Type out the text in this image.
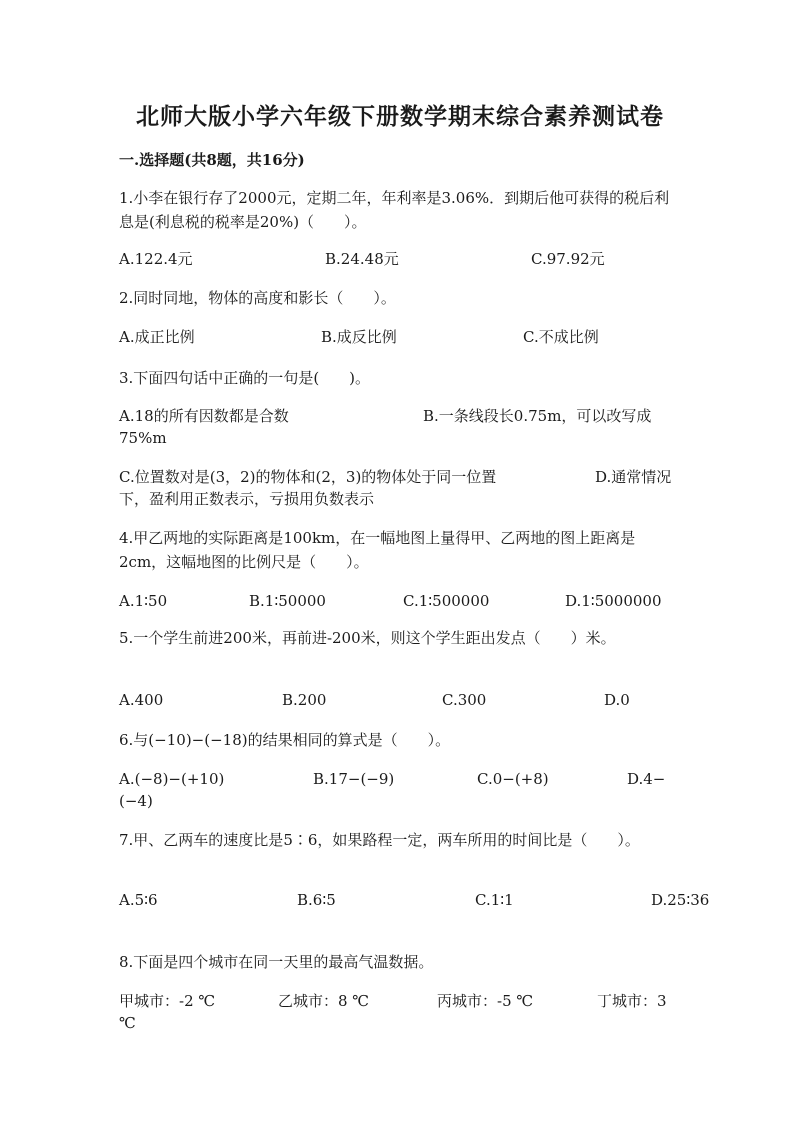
北师大版小学六年级下册数学期末综合素养测试卷
一.选择题(共8题，共16分)
1.小李在银行存了2000元，定期二年，年利率是3.06%．到期后他可获得的税后利息是(利息税的税率是20%)（　　）。
A.122.4元	B.24.48元	C.97.92元
2.同时同地，物体的高度和影长（　　）。
A.成正比例	B.成反比例	C.不成比例
3.下面四句话中正确的一句是(　　)。
A.18的所有因数都是合数	B.一条线段长0.75m，可以改写成75%m
C.位置数对是(3，2)的物体和(2，3)的物体处于同一位置	D.通常情况下，盈利用正数表示，亏损用负数表示
4.甲乙两地的实际距离是100km，在一幅地图上量得甲、乙两地的图上距离是2cm，这幅地图的比例尺是（　　）。
A.1∶50	B.1∶50000	C.1∶500000	D.1∶5000000
5.一个学生前进200米，再前进-200米，则这个学生距出发点（　　）米。
A.400	B.200	C.300	D.0
6.与(−10)−(−18)的结果相同的算式是（　　）。
A.(−8)−(+10)	B.17−(−9)	C.0−(+8)	D.4−(−4)
7.甲、乙两车的速度比是5∶6，如果路程一定，两车所用的时间比是（　　）。
A.5∶6	B.6∶5	C.1∶1	D.25∶36
8.下面是四个城市在同一天里的最高气温数据。
甲城市：-2 ℃	乙城市：8 ℃	丙城市：-5 ℃	丁城市：3 ℃
